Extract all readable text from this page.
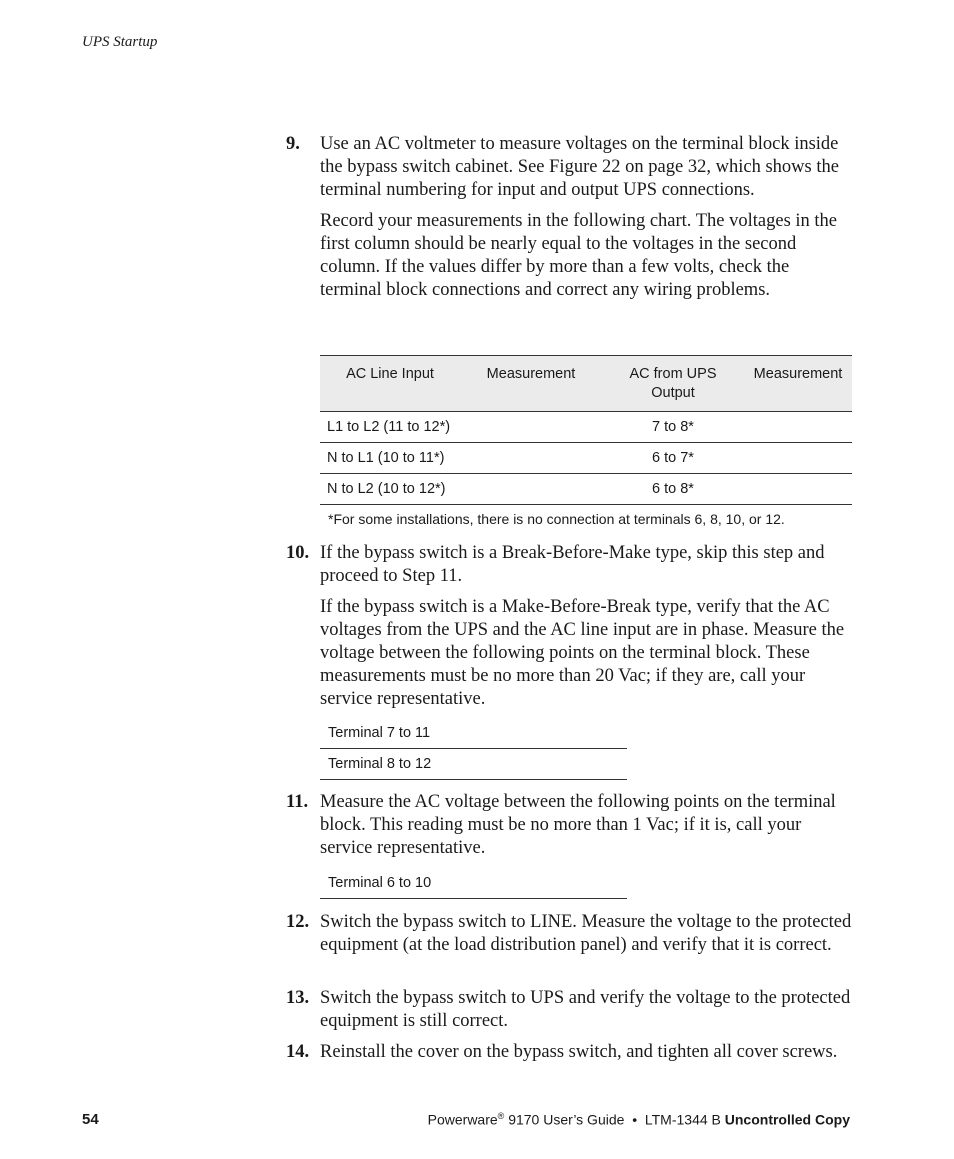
UPS Startup
9. Use an AC voltmeter to measure voltages on the terminal block inside the bypass switch cabinet. See Figure 22 on page 32, which shows the terminal numbering for input and output UPS connections.

Record your measurements in the following chart. The voltages in the first column should be nearly equal to the voltages in the second column. If the values differ by more than a few volts, check the terminal block connections and correct any wiring problems.

AC Line Input	Measurement	AC from UPS Output	Measurement
L1 to L2 (11 to 12*)		7 to 8*	
N to L1 (10 to 11*)		6 to 7*	
N to L2 (10 to 12*)		6 to 8*	
*For some installations, there is no connection at terminals 6, 8, 10, or 12.
10. If the bypass switch is a Break-Before-Make type, skip this step and proceed to Step 11.

If the bypass switch is a Make-Before-Break type, verify that the AC voltages from the UPS and the AC line input are in phase. Measure the voltage between the following points on the terminal block. These measurements must be no more than 20 Vac; if they are, call your service representative.

Terminal 7 to 11
Terminal 8 to 12
11. Measure the AC voltage between the following points on the terminal block. This reading must be no more than 1 Vac; if it is, call your service representative.

Terminal 6 to 10
12. Switch the bypass switch to LINE. Measure the voltage to the protected equipment (at the load distribution panel) and verify that it is correct.

13. Switch the bypass switch to UPS and verify the voltage to the protected equipment is still correct.

14. Reinstall the cover on the bypass switch, and tighten all cover screws.

54	Powerware® 9170 User’s Guide  •  LTM-1344 B Uncontrolled Copy
